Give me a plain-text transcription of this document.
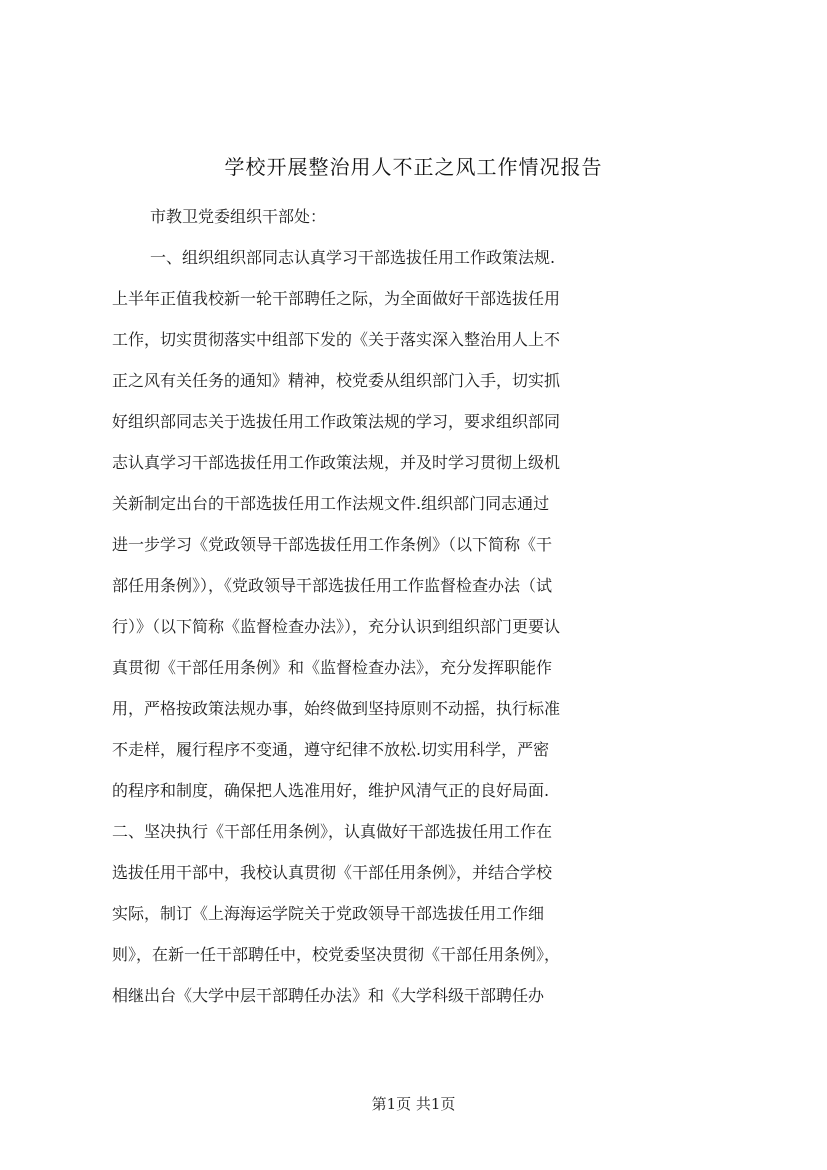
学校开展整治用人不正之风工作情况报告
市教卫党委组织干部处：
一、组织组织部同志认真学习干部选拔任用工作政策法规.
上半年正值我校新一轮干部聘任之际，为全面做好干部选拔任用
工作，切实贯彻落实中组部下发的《关于落实深入整治用人上不
正之风有关任务的通知》精神，校党委从组织部门入手，切实抓
好组织部同志关于选拔任用工作政策法规的学习，要求组织部同
志认真学习干部选拔任用工作政策法规，并及时学习贯彻上级机
关新制定出台的干部选拔任用工作法规文件.组织部门同志通过
进一步学习《党政领导干部选拔任用工作条例》（以下简称《干
部任用条例》），《党政领导干部选拔任用工作监督检查办法（试
行）》（以下简称《监督检查办法》），充分认识到组织部门更要认
真贯彻《干部任用条例》和《监督检查办法》，充分发挥职能作
用，严格按政策法规办事，始终做到坚持原则不动摇，执行标准
不走样，履行程序不变通，遵守纪律不放松.切实用科学，严密
的程序和制度，确保把人选准用好，维护风清气正的良好局面.
二、坚决执行《干部任用条例》，认真做好干部选拔任用工作在
选拔任用干部中，我校认真贯彻《干部任用条例》，并结合学校
实际，制订《上海海运学院关于党政领导干部选拔任用工作细
则》，在新一任干部聘任中，校党委坚决贯彻《干部任用条例》，
相继出台《大学中层干部聘任办法》和《大学科级干部聘任办
第1页 共1页
